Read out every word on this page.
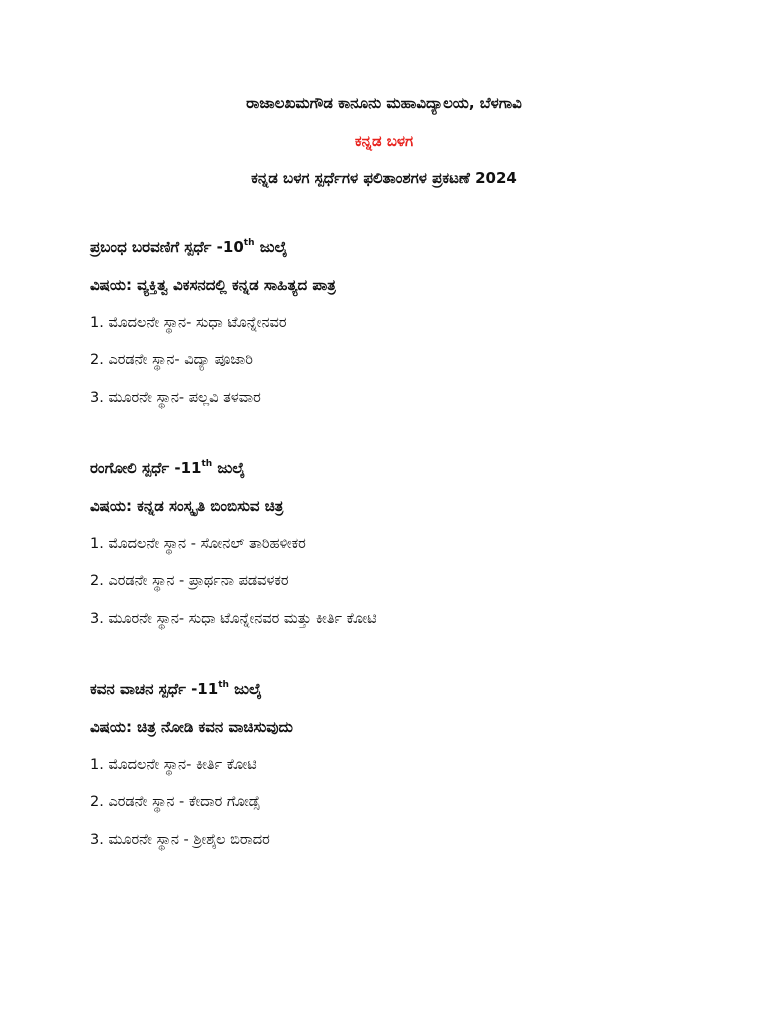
ರಾಜಾಲಖಮಗೌಡ ಕಾನೂನು ಮಹಾವಿದ್ಯಾಲಯ, ಬೆಳಗಾವಿ
ಕನ್ನಡ ಬಳಗ
ಕನ್ನಡ ಬಳಗ ಸ್ಪರ್ಧೆಗಳ ಫಲಿತಾಂಶಗಳ ಪ್ರಕಟಣೆ 2024
ಪ್ರಬಂಧ ಬರವಣಿಗೆ ಸ್ಪರ್ಧೆ -10th ಜುಲೈ
ವಿಷಯ: ವ್ಯಕ್ತಿತ್ವ ವಿಕಸನದಲ್ಲಿ ಕನ್ನಡ ಸಾಹಿತ್ಯದ ಪಾತ್ರ
1. ಮೊದಲನೇ ಸ್ಥಾನ- ಸುಧಾ ಟೊನ್ನೇನವರ
2. ಎರಡನೇ ಸ್ಥಾನ- ವಿದ್ಯಾ ಪೂಜಾರಿ
3. ಮೂರನೇ ಸ್ಥಾನ- ಪಲ್ಲವಿ ತಳವಾರ
ರಂಗೋಲಿ ಸ್ಪರ್ಧೆ -11th ಜುಲೈ
ವಿಷಯ: ಕನ್ನಡ ಸಂಸ್ಕೃತಿ ಬಿಂಬಿಸುವ ಚಿತ್ರ
1. ಮೊದಲನೇ ಸ್ಥಾನ - ಸೋನಲ್ ತಾರಿಹಳೀಕರ
2. ಎರಡನೇ ಸ್ಥಾನ - ಪ್ರಾರ್ಥನಾ ಪಡವಳಕರ
3. ಮೂರನೇ ಸ್ಥಾನ- ಸುಧಾ ಟೊನ್ನೇನವರ ಮತ್ತು ಕೀರ್ತಿ ಕೋಟಿ
ಕವನ ವಾಚನ ಸ್ಪರ್ಧೆ -11th ಜುಲೈ
ವಿಷಯ: ಚಿತ್ರ ನೋಡಿ ಕವನ ವಾಚಿಸುವುದು
1. ಮೊದಲನೇ ಸ್ಥಾನ- ಕೀರ್ತಿ ಕೋಟಿ
2. ಎರಡನೇ ಸ್ಥಾನ - ಕೇದಾರ ಗೋಡ್ಸೆ
3. ಮೂರನೇ ಸ್ಥಾನ - ಶ್ರೀಶೈಲ ಬಿರಾದರ
